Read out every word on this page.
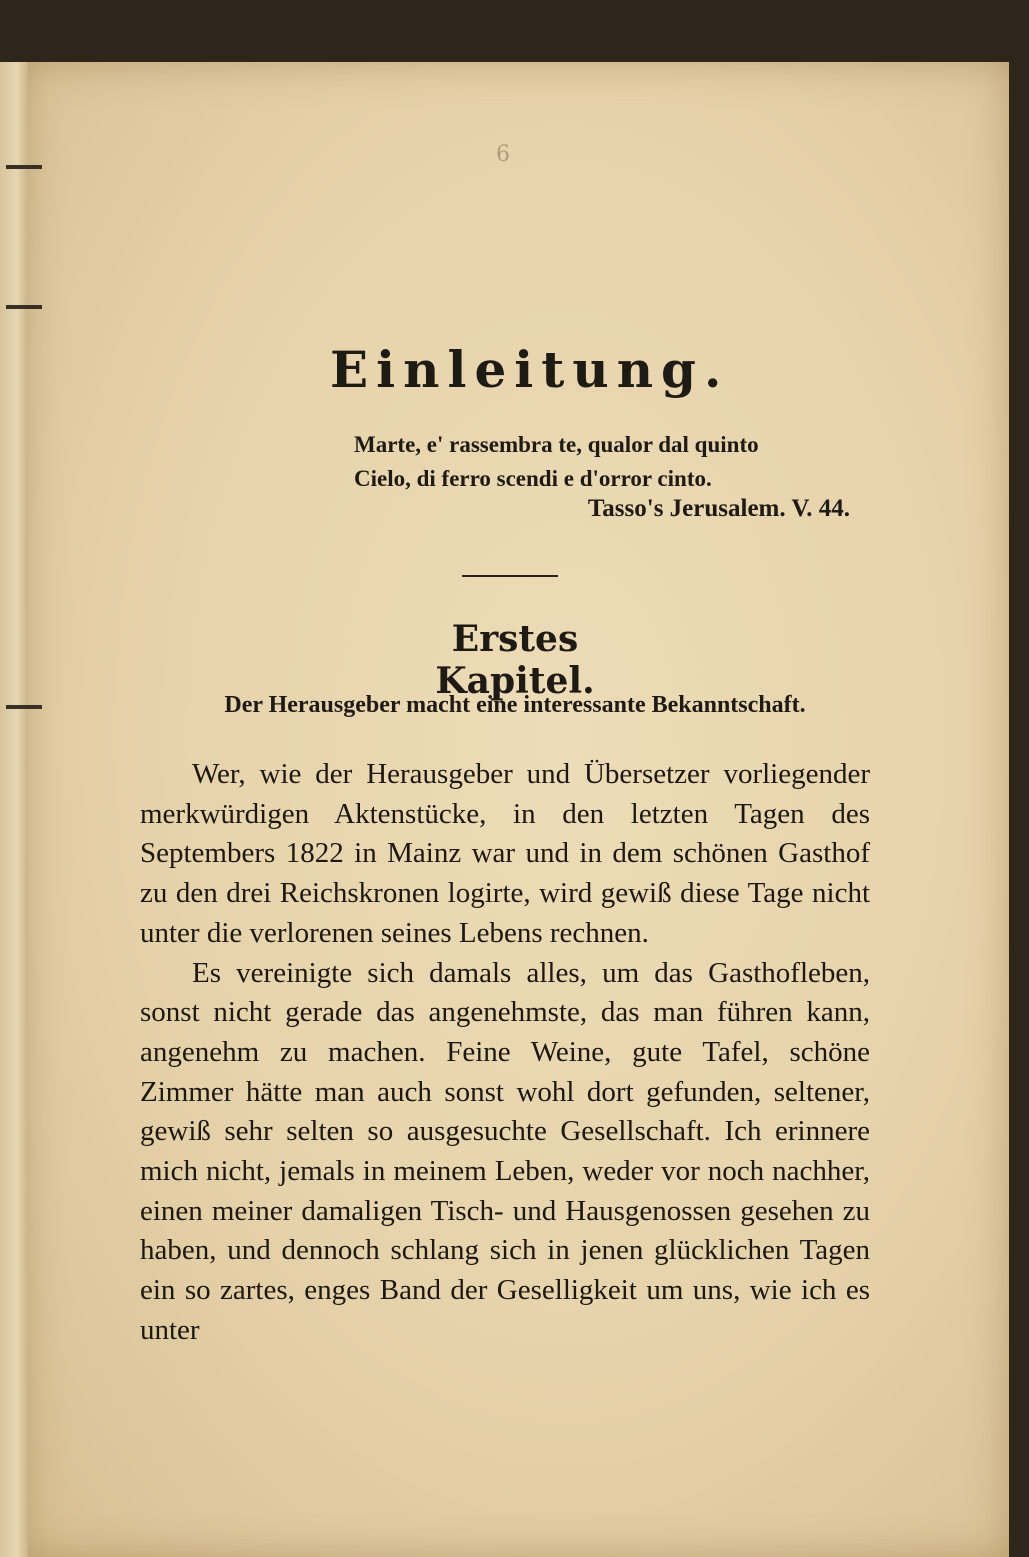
6
Einleitung.
Marte, e' rassembra te, qualor dal quinto
Cielo, di ferro scendi e d'orror cinto.
Tasso's Jerusalem. V. 44.
Erstes Kapitel.
Der Herausgeber macht eine interessante Bekanntschaft.

Wer, wie der Herausgeber und Übersetzer vorliegender merkwürdigen Aktenstücke, in den letzten Tagen des Septembers 1822 in Mainz war und in dem schönen Gasthof zu den drei Reichskronen logirte, wird gewiß diese Tage nicht unter die verlorenen seines Lebens rechnen.

Es vereinigte sich damals alles, um das Gasthofleben, sonst nicht gerade das angenehmste, das man führen kann, angenehm zu machen. Feine Weine, gute Tafel, schöne Zimmer hätte man auch sonst wohl dort gefunden, seltener, gewiß sehr selten so ausgesuchte Gesellschaft. Ich erinnere mich nicht, jemals in meinem Leben, weder vor noch nachher, einen meiner damaligen Tisch- und Hausgenossen gesehen zu haben, und dennoch schlang sich in jenen glücklichen Tagen ein so zartes, enges Band der Geselligkeit um uns, wie ich es unter
